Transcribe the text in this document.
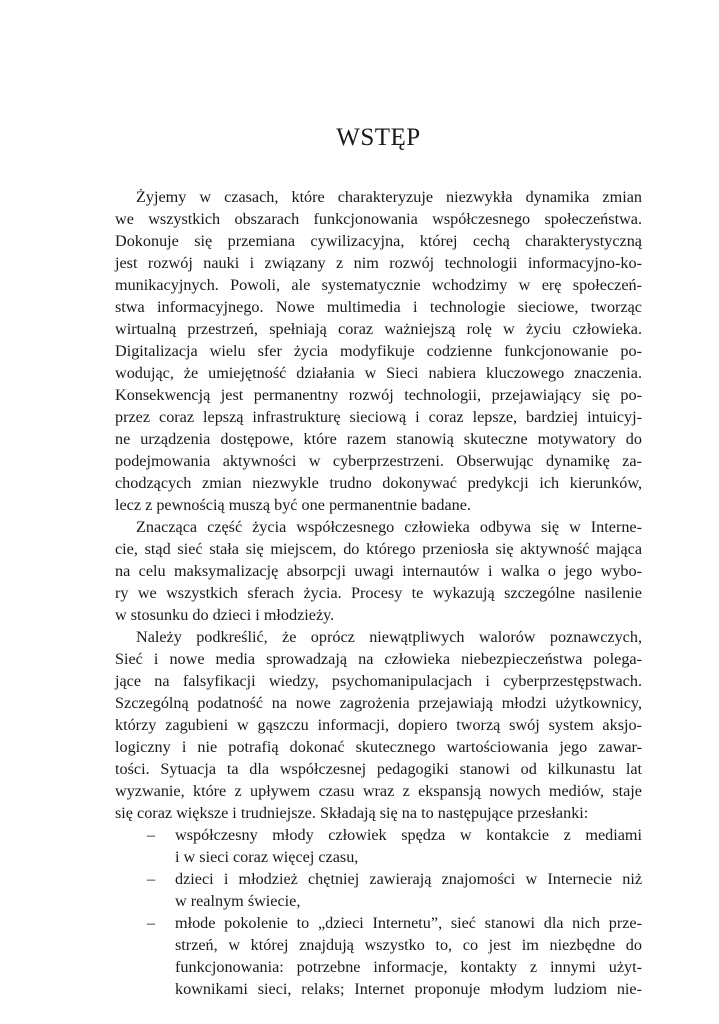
WSTĘP
Żyjemy w czasach, które charakteryzuje niezwykła dynamika zmian
we wszystkich obszarach funkcjonowania współczesnego społeczeństwa.
Dokonuje się przemiana cywilizacyjna, której cechą charakterystyczną
jest rozwój nauki i związany z nim rozwój technologii informacyjno-ko-
munikacyjnych. Powoli, ale systematycznie wchodzimy w erę społeczeń-
stwa informacyjnego. Nowe multimedia i technologie sieciowe, tworząc
wirtualną przestrzeń, spełniają coraz ważniejszą rolę w życiu człowieka.
Digitalizacja wielu sfer życia modyfikuje codzienne funkcjonowanie po-
wodując, że umiejętność działania w Sieci nabiera kluczowego znaczenia.
Konsekwencją jest permanentny rozwój technologii, przejawiający się po-
przez coraz lepszą infrastrukturę sieciową i coraz lepsze, bardziej intuicyj-
ne urządzenia dostępowe, które razem stanowią skuteczne motywatory do
podejmowania aktywności w cyberprzestrzeni. Obserwując dynamikę za-
chodzących zmian niezwykle trudno dokonywać predykcji ich kierunków,
lecz z pewnością muszą być one permanentnie badane.
Znacząca część życia współczesnego człowieka odbywa się w Interne-
cie, stąd sieć stała się miejscem, do którego przeniosła się aktywność mająca
na celu maksymalizację absorpcji uwagi internautów i walka o jego wybo-
ry we wszystkich sferach życia. Procesy te wykazują szczególne nasilenie
w stosunku do dzieci i młodzieży.
Należy podkreślić, że oprócz niewątpliwych walorów poznawczych,
Sieć i nowe media sprowadzają na człowieka niebezpieczeństwa polega-
jące na falsyfikacji wiedzy, psychomanipulacjach i cyberprzestępstwach.
Szczególną podatność na nowe zagrożenia przejawiają młodzi użytkownicy,
którzy zagubieni w gąszczu informacji, dopiero tworzą swój system aksjo-
logiczny i nie potrafią dokonać skutecznego wartościowania jego zawar-
tości. Sytuacja ta dla współczesnej pedagogiki stanowi od kilkunastu lat
wyzwanie, które z upływem czasu wraz z ekspansją nowych mediów, staje
się coraz większe i trudniejsze. Składają się na to następujące przesłanki:
– współczesny młody człowiek spędza w kontakcie z mediami
i w sieci coraz więcej czasu,
– dzieci i młodzież chętniej zawierają znajomości w Internecie niż
w realnym świecie,
– młode pokolenie to „dzieci Internetu”, sieć stanowi dla nich prze-
strzeń, w której znajdują wszystko to, co jest im niezbędne do
funkcjonowania: potrzebne informacje, kontakty z innymi użyt-
kownikami sieci, relaks; Internet proponuje młodym ludziom nie-
